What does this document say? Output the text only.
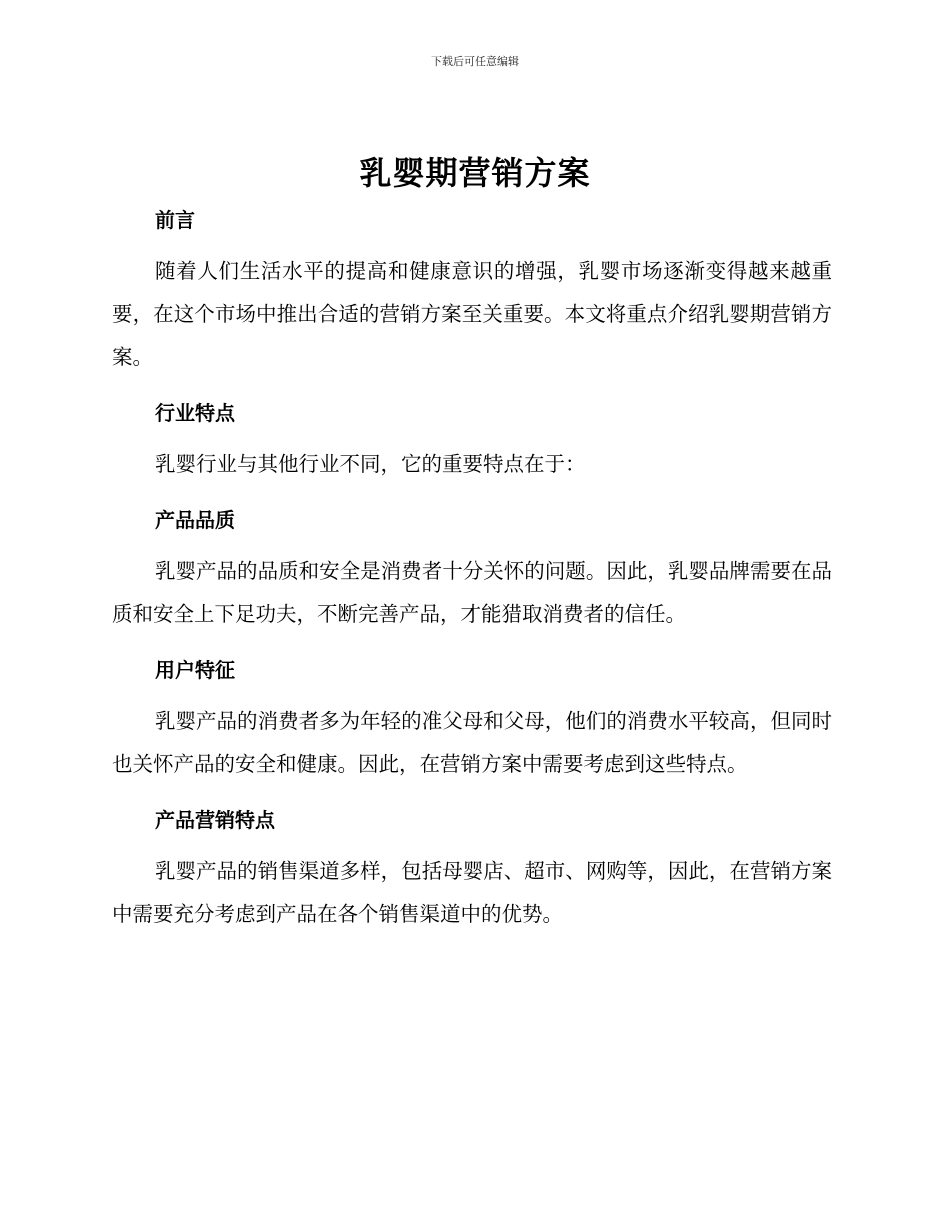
下载后可任意编辑
乳婴期营销方案
前言

随着人们生活水平的提高和健康意识的增强，乳婴市场逐渐变得越来越重要，在这个市场中推出合适的营销方案至关重要。本文将重点介绍乳婴期营销方案。

行业特点

乳婴行业与其他行业不同，它的重要特点在于：

产品品质

乳婴产品的品质和安全是消费者十分关怀的问题。因此，乳婴品牌需要在品质和安全上下足功夫，不断完善产品，才能猎取消费者的信任。

用户特征

乳婴产品的消费者多为年轻的准父母和父母，他们的消费水平较高，但同时也关怀产品的安全和健康。因此，在营销方案中需要考虑到这些特点。

产品营销特点

乳婴产品的销售渠道多样，包括母婴店、超市、网购等，因此，在营销方案中需要充分考虑到产品在各个销售渠道中的优势。
